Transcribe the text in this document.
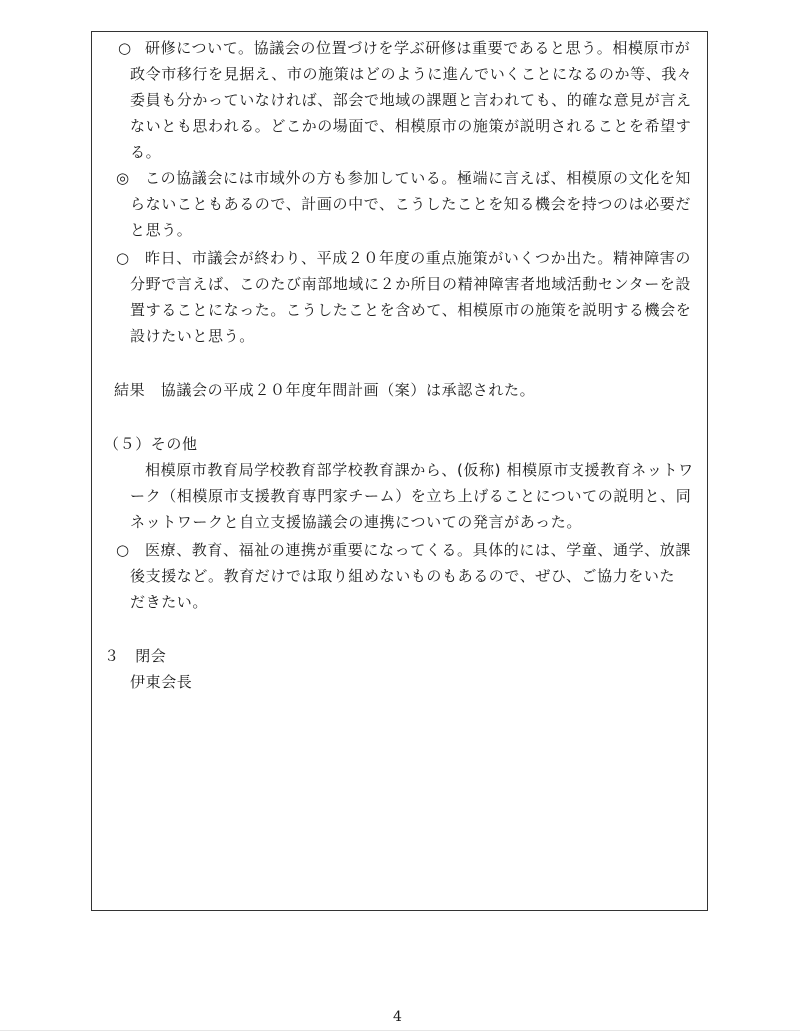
○ 研修について。協議会の位置づけを学ぶ研修は重要であると思う。相模原市が
政令市移行を見据え、市の施策はどのように進んでいくことになるのか等、我々
委員も分かっていなければ、部会で地域の課題と言われても、的確な意見が言え
ないとも思われる。どこかの場面で、相模原市の施策が説明されることを希望す
る。
◎ この協議会には市域外の方も参加している。極端に言えば、相模原の文化を知
らないこともあるので、計画の中で、こうしたことを知る機会を持つのは必要だ
と思う。
○ 昨日、市議会が終わり、平成２０年度の重点施策がいくつか出た。精神障害の
分野で言えば、このたび南部地域に２か所目の精神障害者地域活動センターを設
置することになった。こうしたことを含めて、相模原市の施策を説明する機会を
設けたいと思う。
結果　協議会の平成２０年度年間計画（案）は承認された。
（５）その他
相模原市教育局学校教育部学校教育課から、(仮称) 相模原市支援教育ネットワ
ーク（相模原市支援教育専門家チーム）を立ち上げることについての説明と、同
ネットワークと自立支援協議会の連携についての発言があった。
○ 医療、教育、福祉の連携が重要になってくる。具体的には、学童、通学、放課
後支援など。教育だけでは取り組めないものもあるので、ぜひ、ご協力をいた
だきたい。
３　閉会
伊東会長
4
